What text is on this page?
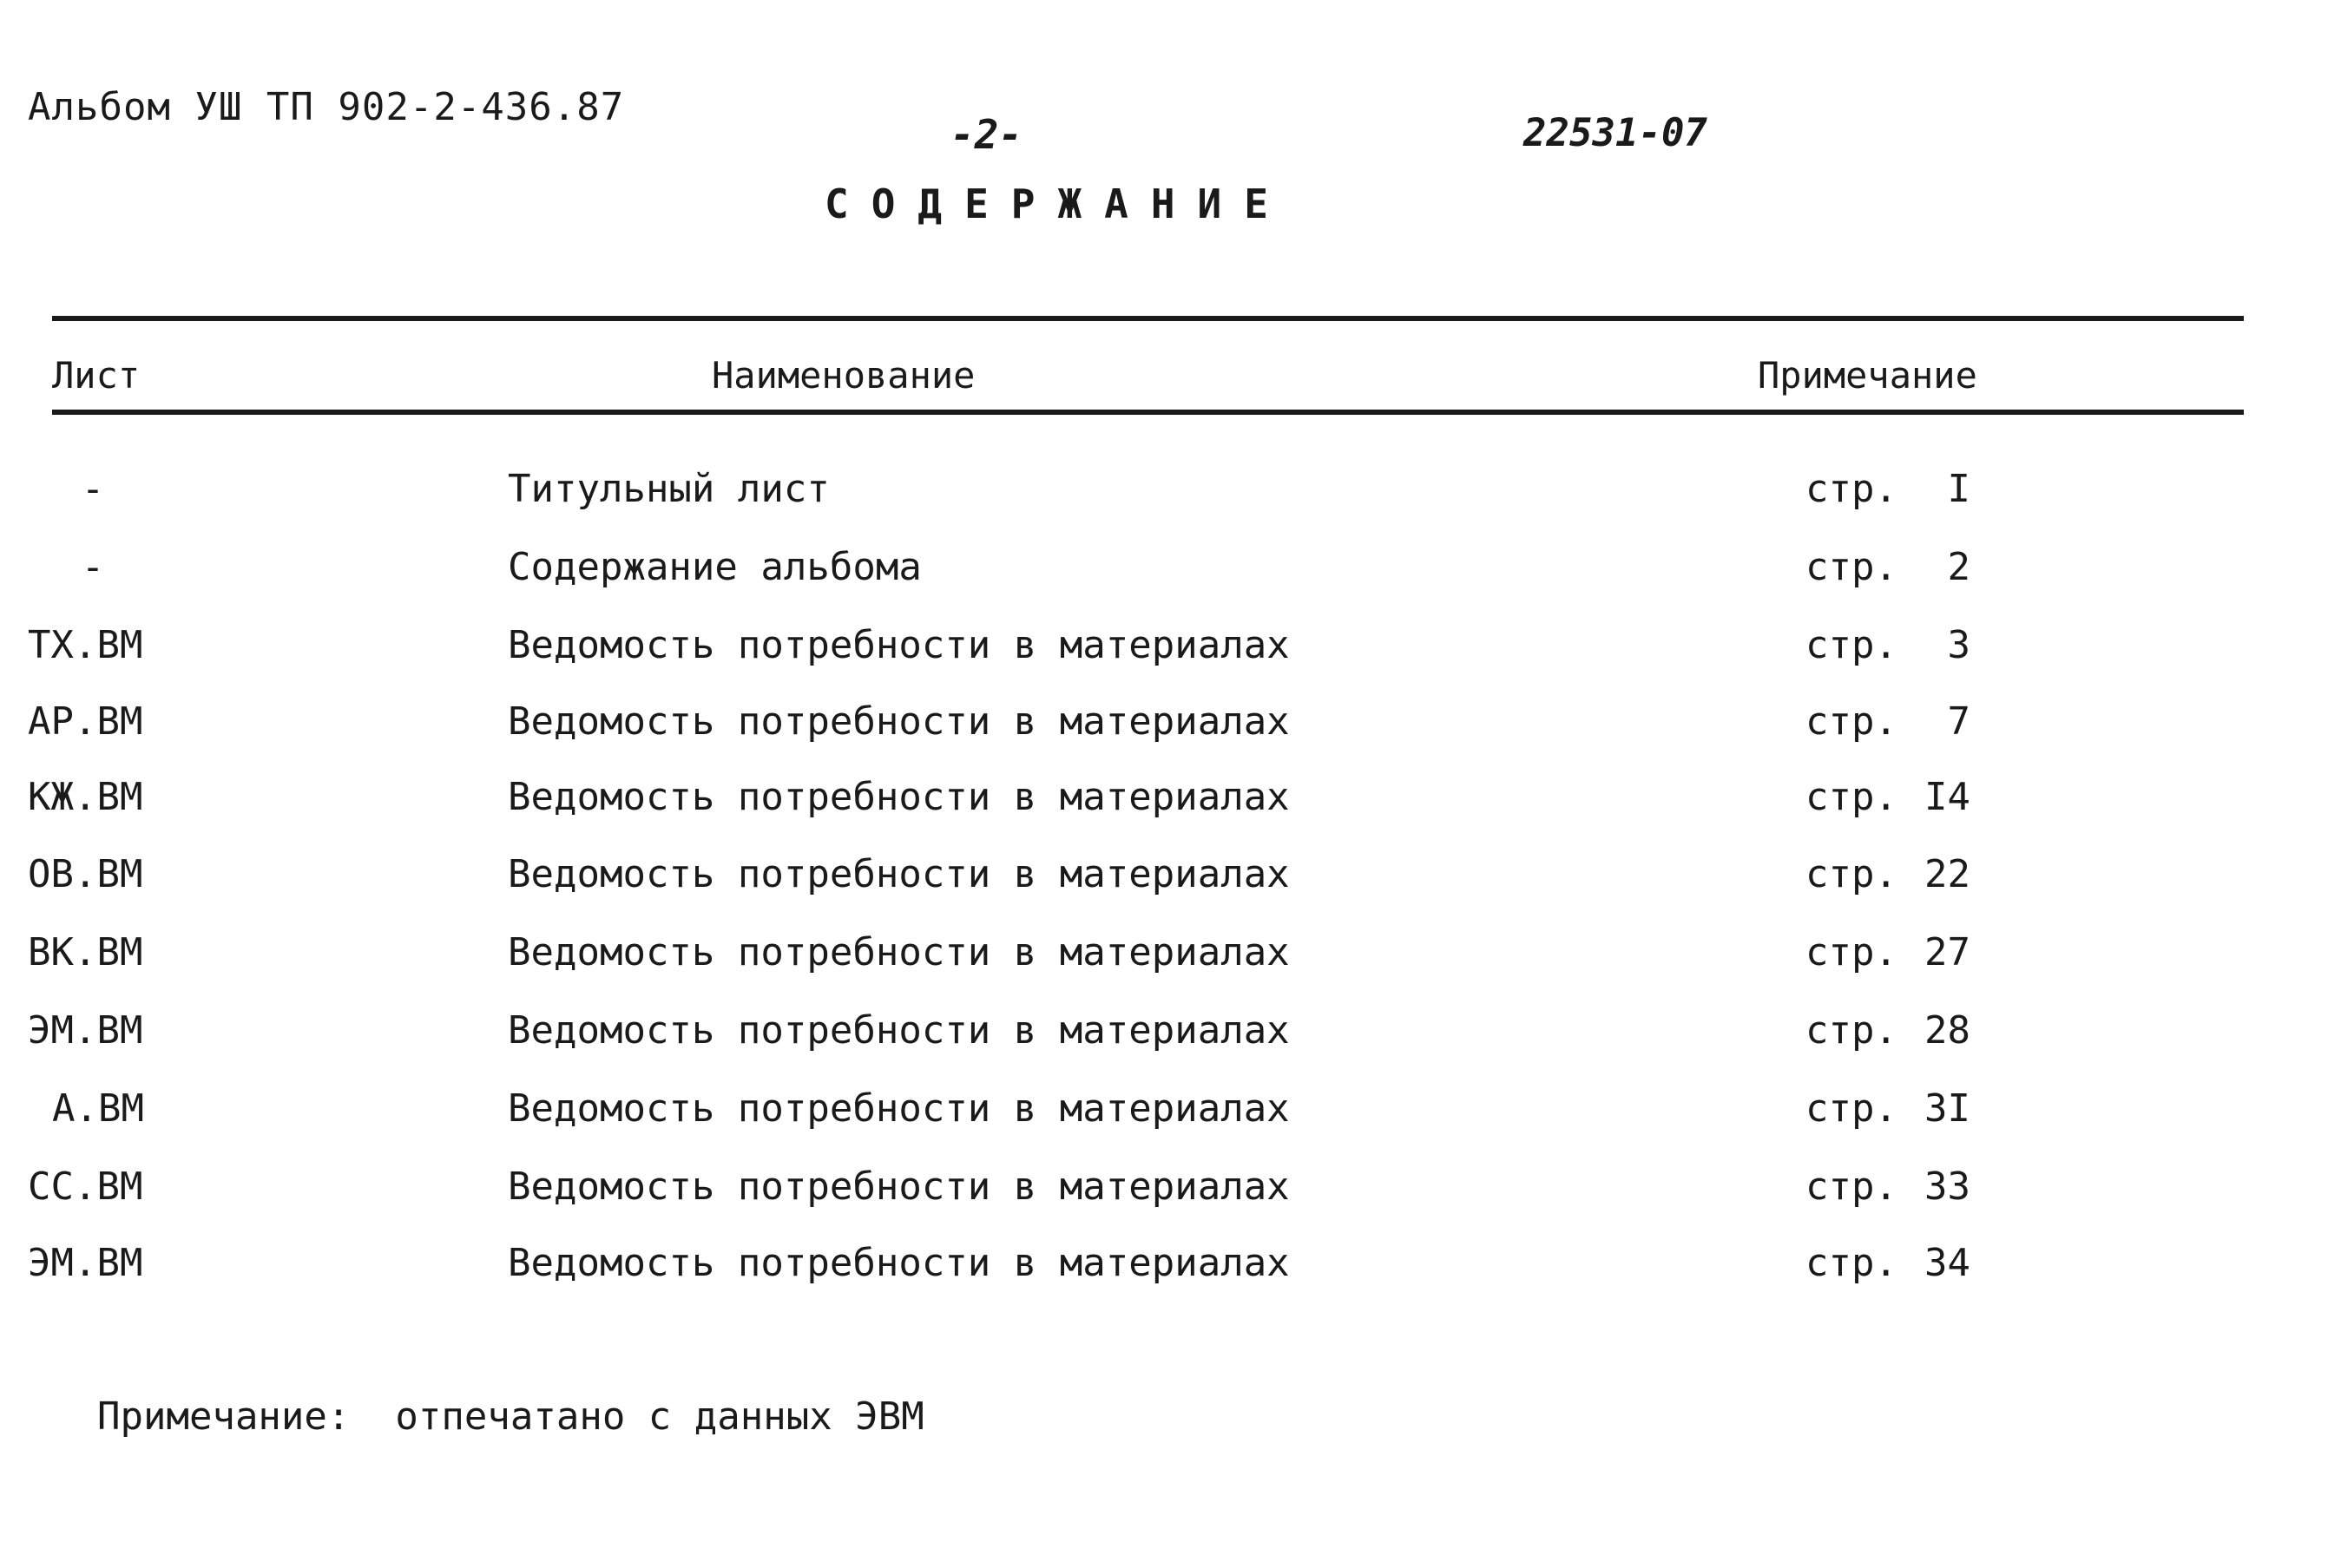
Альбом УШ ТП 902-2-436.87
-2-	22531-07
СОДЕРЖАНИЕ
Лист	Наименование	Примечание
-	Титульный лист	стр.	I
-	Содержание альбома	стр.	2
ТХ.ВМ	Ведомость потребности в материалах	стр.	3
АР.ВМ	Ведомость потребности в материалах	стр.	7
КЖ.ВМ	Ведомость потребности в материалах	стр. I4
ОВ.ВМ	Ведомость потребности в материалах	стр. 22
ВК.ВМ	Ведомость потребности в материалах	стр. 27
ЭМ.ВМ	Ведомость потребности в материалах	стр. 28
А.ВМ	Ведомость потребности в материалах	стр. 3I
СС.ВМ	Ведомость потребности в материалах	стр. 33
ЭМ.ВМ	Ведомость потребности в материалах	стр. 34
Примечание: отпечатано с данных ЭВМ
